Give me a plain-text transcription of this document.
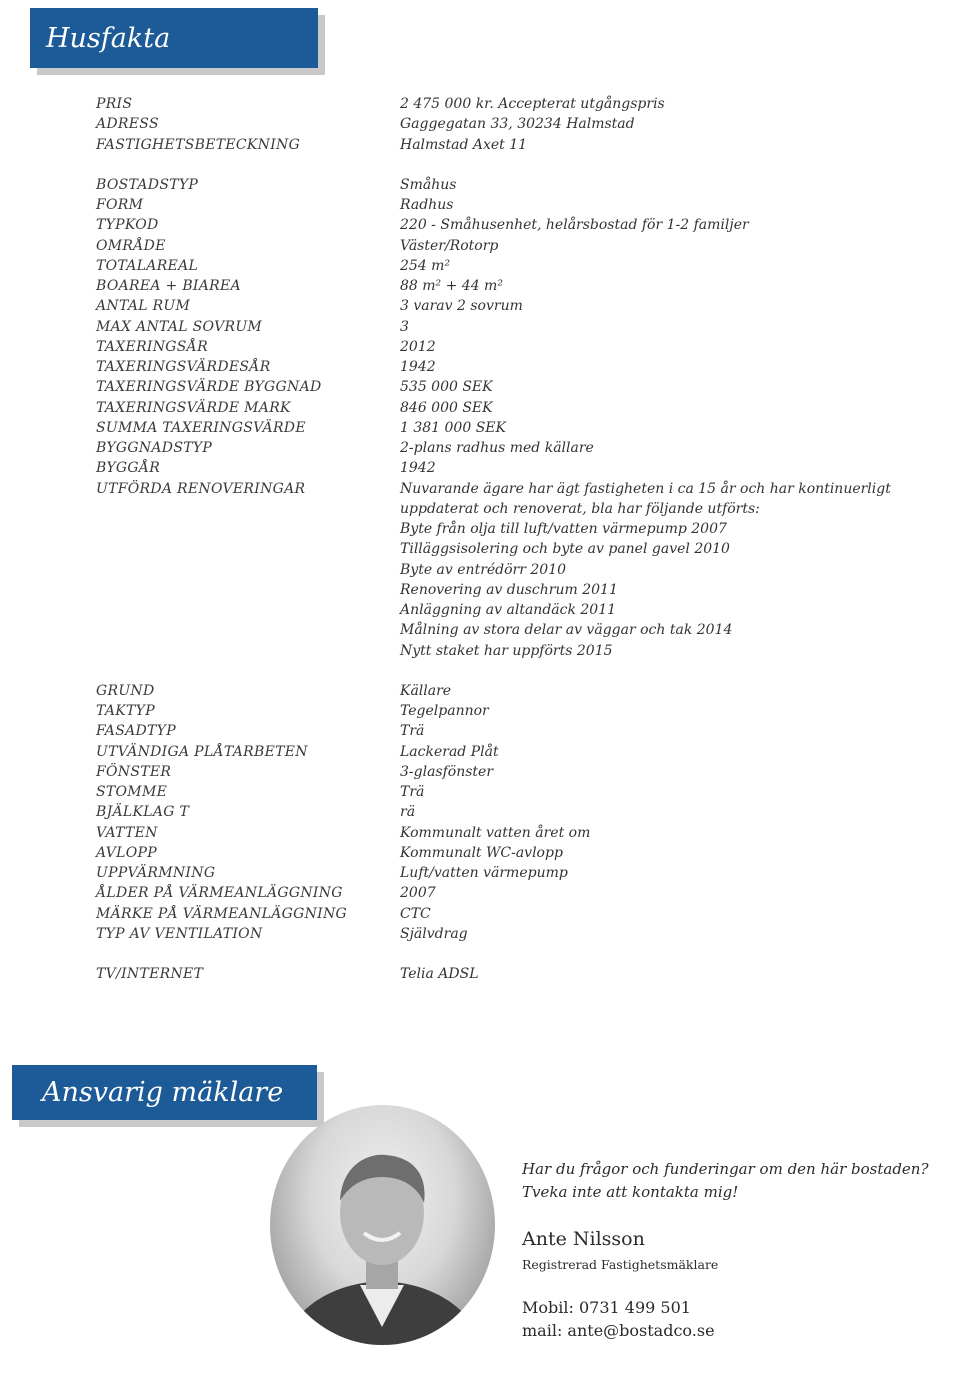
Husfakta
PRIS	2 475 000 kr. Accepterat utgångspris
ADRESS	Gaggegatan 33, 30234 Halmstad
FASTIGHETSBETECKNING	Halmstad Axet 11
BOSTADSTYP	Småhus
FORM	Radhus
TYPKOD	220 - Småhusenhet, helårsbostad för 1-2 familjer
OMRÅDE	Väster/Rotorp
TOTALAREAL	254 m²
BOAREA + BIAREA	88 m² + 44 m²
ANTAL RUM	3 varav 2 sovrum
MAX ANTAL SOVRUM	3
TAXERINGSÅR	2012
TAXERINGSVÄRDESÅR	1942
TAXERINGSVÄRDE BYGGNAD	535 000 SEK
TAXERINGSVÄRDE MARK	846 000 SEK
SUMMA TAXERINGSVÄRDE	1 381 000 SEK
BYGGNADSTYP	2-plans radhus med källare
BYGGÅR	1942
UTFÖRDA RENOVERINGAR	Nuvarande ägare har ägt fastigheten i ca 15 år och har kontinuerligt
uppdaterat och renoverat, bla har följande utförts:
Byte från olja till luft/vatten värmepump 2007
Tilläggsisolering och byte av panel gavel 2010
Byte av entrédörr 2010
Renovering av duschrum 2011
Anläggning av altandäck 2011
Målning av stora delar av väggar och tak 2014
Nytt staket har uppförts 2015
GRUND	Källare
TAKTYP	Tegelpannor
FASADTYP	Trä
UTVÄNDIGA PLÅTARBETEN	Lackerad Plåt
FÖNSTER	3-glasfönster
STOMME	Trä
BJÄLKLAG T	rä
VATTEN	Kommunalt vatten året om
AVLOPP	Kommunalt WC-avlopp
UPPVÄRMNING	Luft/vatten värmepump
ÅLDER PÅ VÄRMEANLÄGGNING	2007
MÄRKE PÅ VÄRMEANLÄGGNING	CTC
TYP AV VENTILATION	Självdrag
TV/INTERNET	Telia ADSL
Ansvarig mäklare
Har du frågor och funderingar om den här bostaden?
Tveka inte att kontakta mig!
Ante Nilsson
Registrerad Fastighetsmäklare
Mobil: 0731 499 501
mail: ante@bostadco.se
